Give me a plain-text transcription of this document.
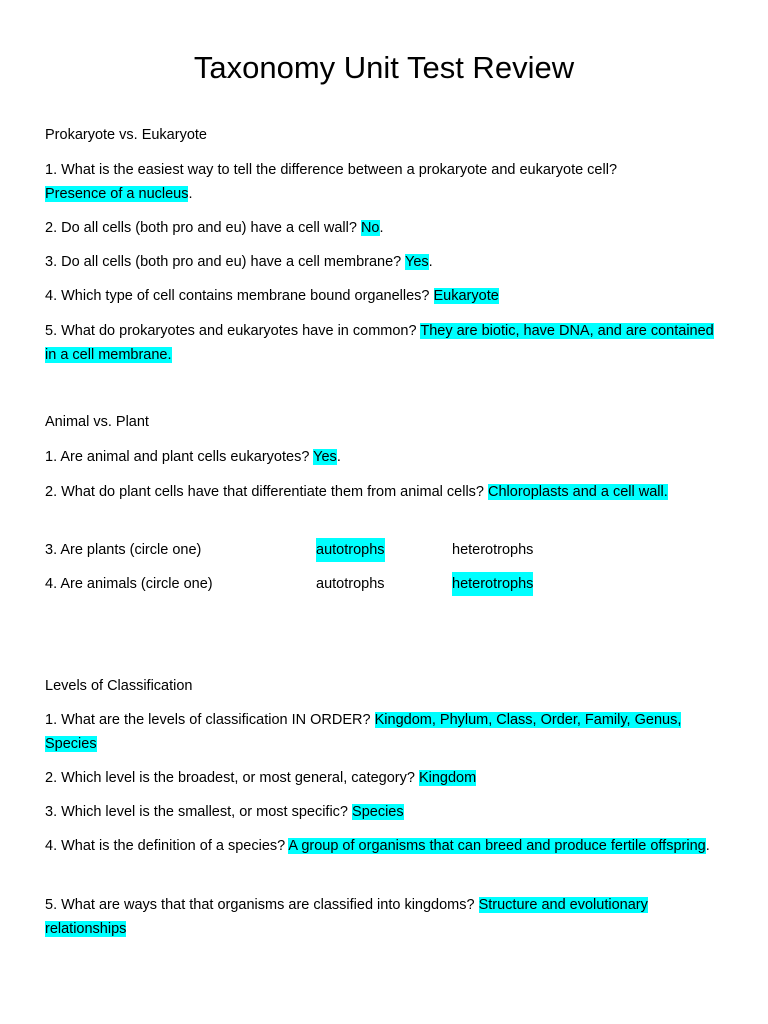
Taxonomy Unit Test Review
Prokaryote vs. Eukaryote
1. What is the easiest way to tell the difference between a prokaryote and eukaryote cell?
Presence of a nucleus.
2. Do all cells (both pro and eu) have a cell wall? No.
3. Do all cells (both pro and eu) have a cell membrane? Yes.
4. Which type of cell contains membrane bound organelles? Eukaryote
5. What do prokaryotes and eukaryotes have in common? They are biotic, have DNA, and are contained in a cell membrane.
Animal vs. Plant
1. Are animal and plant cells eukaryotes? Yes.
2. What do plant cells have that differentiate them from animal cells? Chloroplasts and a cell wall.
3. Are plants (circle one)	autotrophs	heterotrophs
4. Are animals (circle one)	autotrophs	heterotrophs
Levels of Classification
1. What are the levels of classification IN ORDER? Kingdom, Phylum, Class, Order, Family, Genus, Species
2. Which level is the broadest, or most general, category? Kingdom
3. Which level is the smallest, or most specific? Species
4. What is the definition of a species? A group of organisms that can breed and produce fertile offspring.
5. What are ways that that organisms are classified into kingdoms? Structure and evolutionary relationships
